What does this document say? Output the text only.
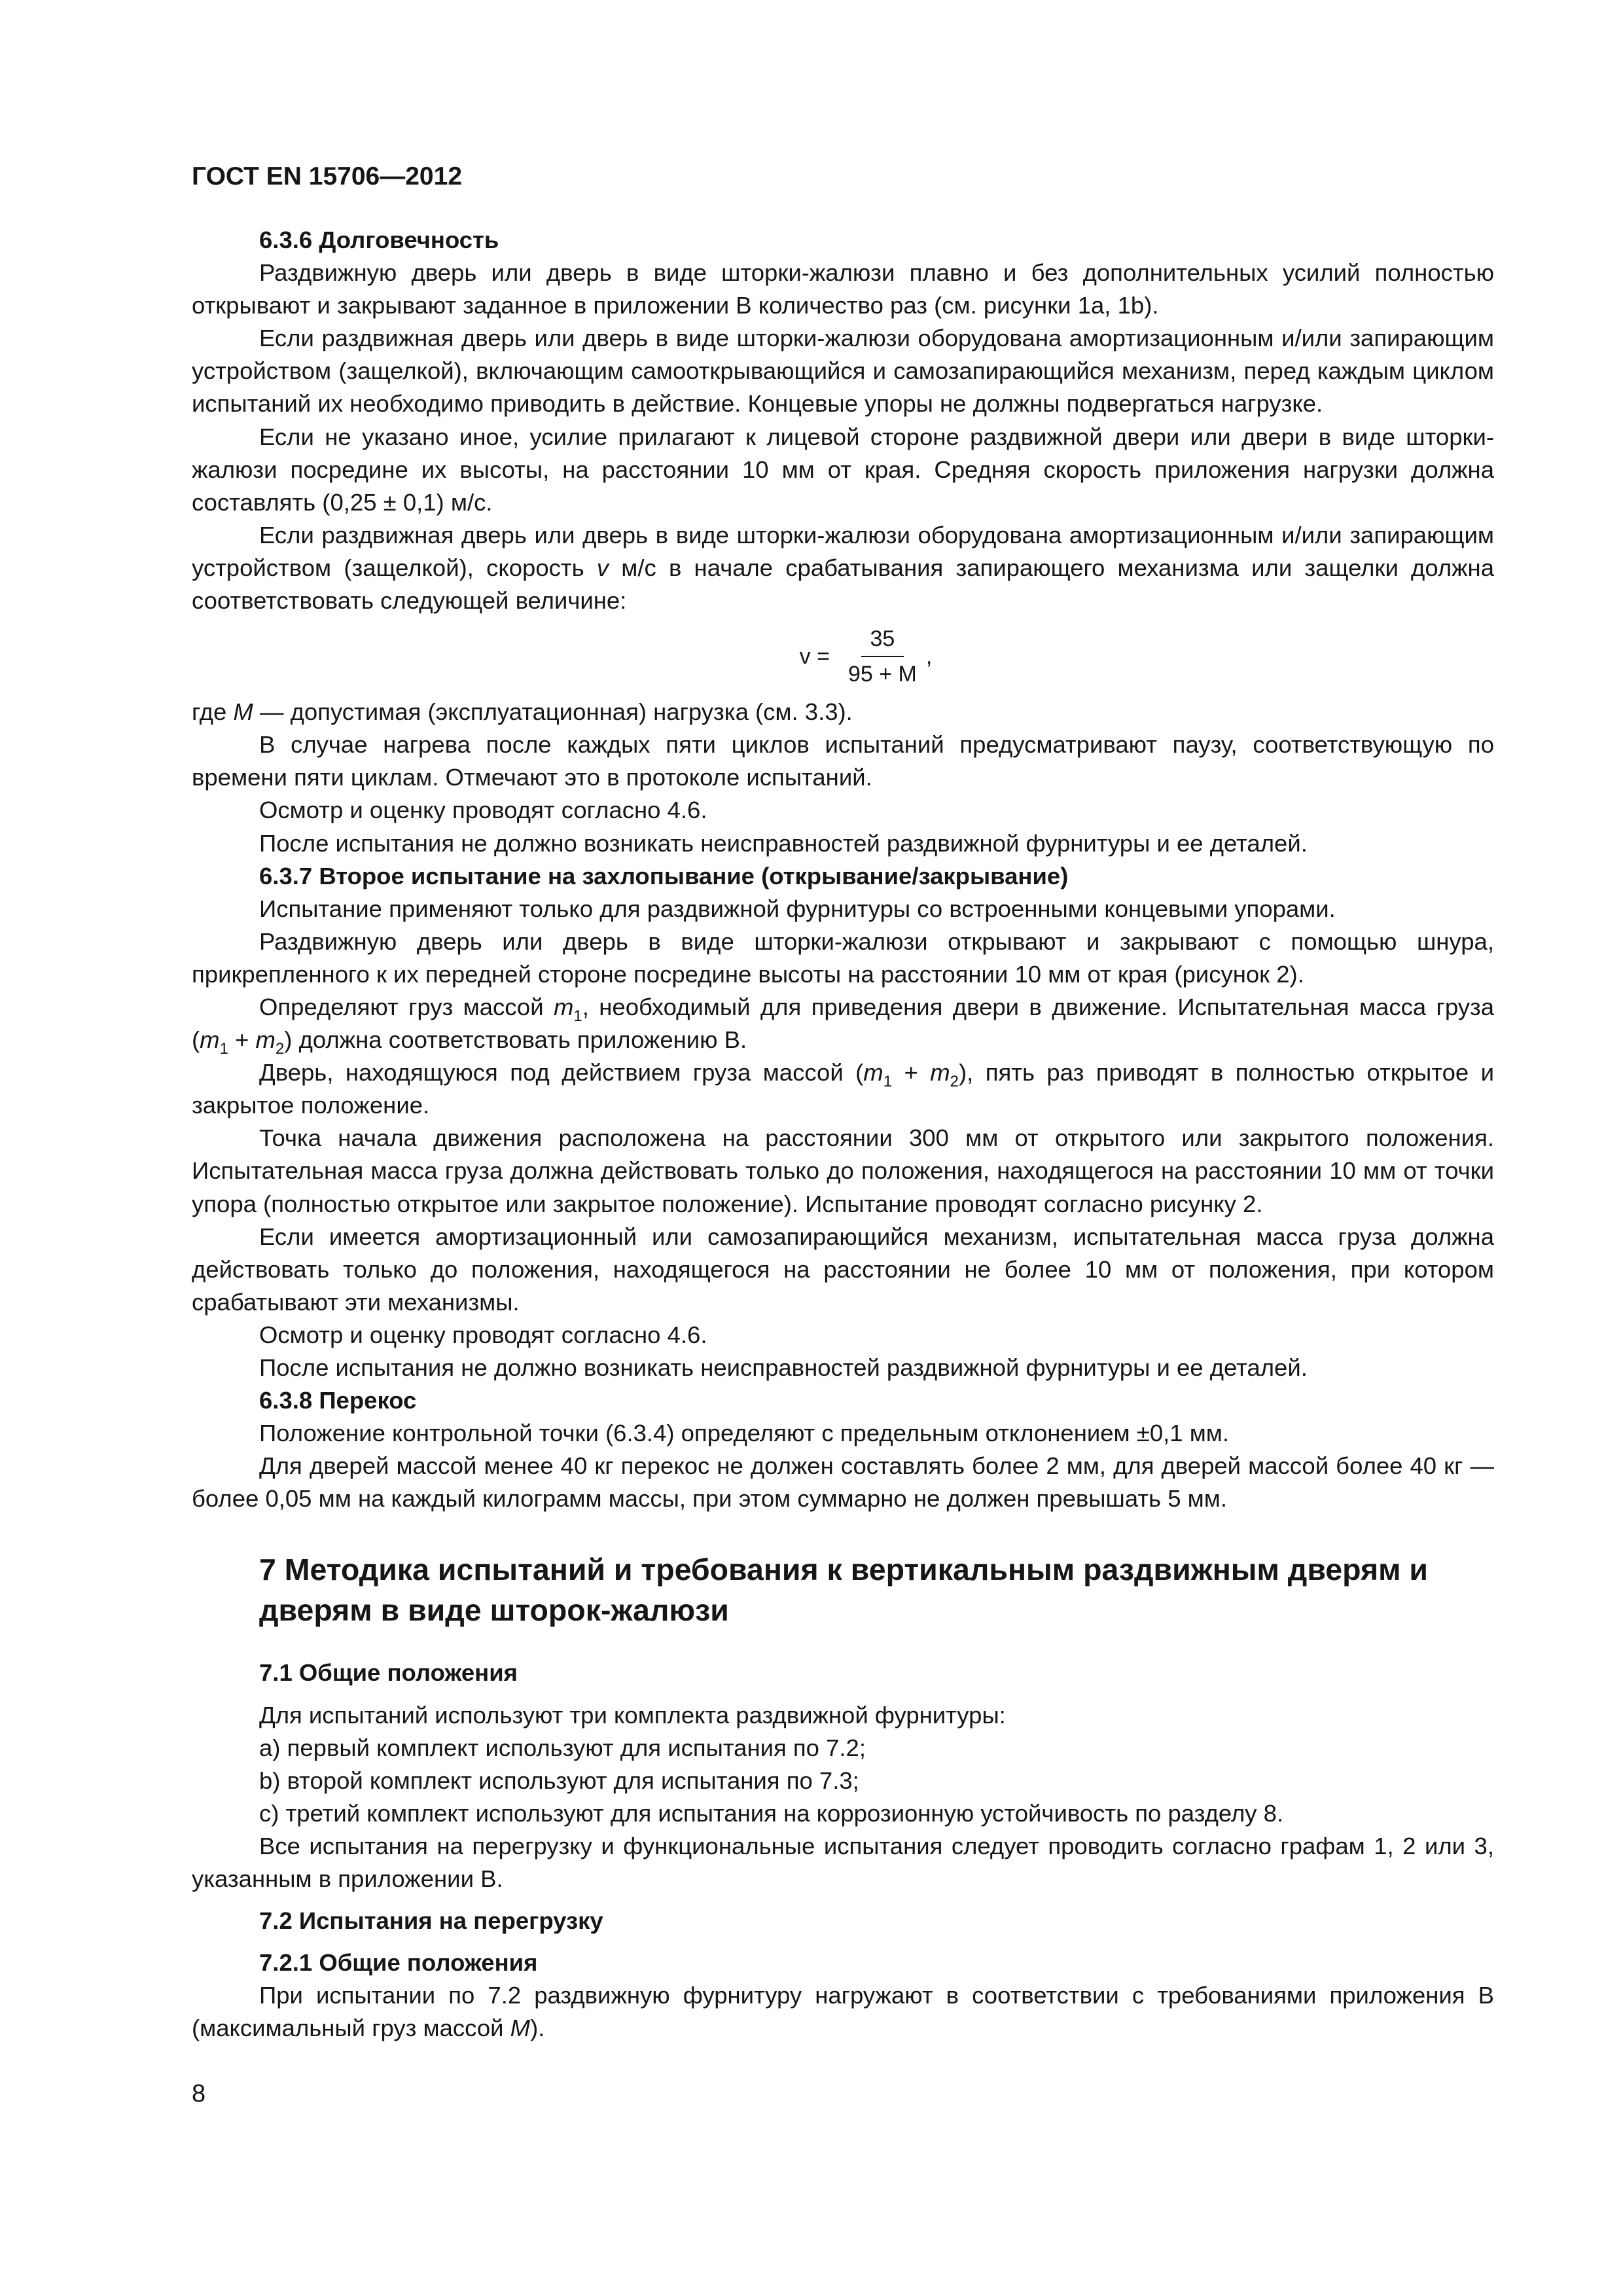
ГОСТ EN 15706—2012
6.3.6 Долговечность

Раздвижную дверь или дверь в виде шторки-жалюзи плавно и без дополнительных усилий полностью открывают и закрывают заданное в приложении В количество раз (см. рисунки 1а, 1b).

Если раздвижная дверь или дверь в виде шторки-жалюзи оборудована амортизационным и/или запирающим устройством (защелкой), включающим самооткрывающийся и самозапирающийся механизм, перед каждым циклом испытаний их необходимо приводить в действие. Концевые упоры не должны подвергаться нагрузке.

Если не указано иное, усилие прилагают к лицевой стороне раздвижной двери или двери в виде шторки-жалюзи посредине их высоты, на расстоянии 10 мм от края. Средняя скорость приложения нагрузки должна составлять (0,25 ± 0,1) м/с.

Если раздвижная дверь или дверь в виде шторки-жалюзи оборудована амортизационным и/или запирающим устройством (защелкой), скорость v м/с в начале срабатывания запирающего механизма или защелки должна соответствовать следующей величине:

$v = \frac{35}{95 + M}$ ,

где M — допустимая (эксплуатационная) нагрузка (см. 3.3).

В случае нагрева после каждых пяти циклов испытаний предусматривают паузу, соответствующую по времени пяти циклам. Отмечают это в протоколе испытаний.

Осмотр и оценку проводят согласно 4.6.

После испытания не должно возникать неисправностей раздвижной фурнитуры и ее деталей.

6.3.7 Второе испытание на захлопывание (открывание/закрывание)

Испытание применяют только для раздвижной фурнитуры со встроенными концевыми упорами.

Раздвижную дверь или дверь в виде шторки-жалюзи открывают и закрывают с помощью шнура, прикрепленного к их передней стороне посредине высоты на расстоянии 10 мм от края (рисунок 2).

Определяют груз массой $m_1$, необходимый для приведения двери в движение. Испытательная масса груза $(m_1 + m_2)$ должна соответствовать приложению В.

Дверь, находящуюся под действием груза массой $(m_1 + m_2)$, пять раз приводят в полностью открытое и закрытое положение.

Точка начала движения расположена на расстоянии 300 мм от открытого или закрытого положения. Испытательная масса груза должна действовать только до положения, находящегося на расстоянии 10 мм от точки упора (полностью открытое или закрытое положение). Испытание проводят согласно рисунку 2.

Если имеется амортизационный или самозапирающийся механизм, испытательная масса груза должна действовать только до положения, находящегося на расстоянии не более 10 мм от положения, при котором срабатывают эти механизмы.

Осмотр и оценку проводят согласно 4.6.

После испытания не должно возникать неисправностей раздвижной фурнитуры и ее деталей.

6.3.8 Перекос

Положение контрольной точки (6.3.4) определяют с предельным отклонением ±0,1 мм.

Для дверей массой менее 40 кг перекос не должен составлять более 2 мм, для дверей массой более 40 кг — более 0,05 мм на каждый килограмм массы, при этом суммарно не должен превышать 5 мм.

7 Методика испытаний и требования к вертикальным раздвижным дверям и дверям в виде шторок-жалюзи
7.1 Общие положения

Для испытаний используют три комплекта раздвижной фурнитуры:

а) первый комплект используют для испытания по 7.2;

b) второй комплект используют для испытания по 7.3;

с) третий комплект используют для испытания на коррозионную устойчивость по разделу 8.

Все испытания на перегрузку и функциональные испытания следует проводить согласно графам 1, 2 или 3, указанным в приложении В.

7.2 Испытания на перегрузку
7.2.1 Общие положения

При испытании по 7.2 раздвижную фурнитуру нагружают в соответствии с требованиями приложения В (максимальный груз массой M).

8
